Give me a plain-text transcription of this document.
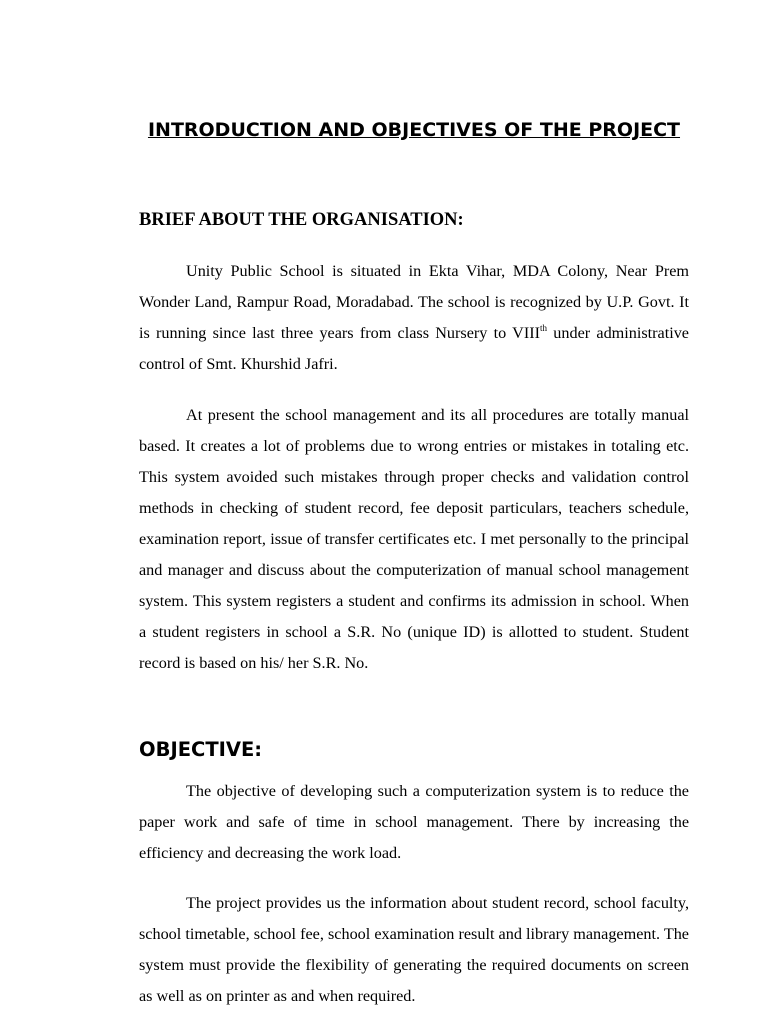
INTRODUCTION AND OBJECTIVES OF THE PROJECT
BRIEF ABOUT THE ORGANISATION:

Unity Public School is situated in Ekta Vihar, MDA Colony, Near Prem Wonder Land, Rampur Road, Moradabad. The school is recognized by U.P. Govt. It is running since last three years from class Nursery to VIIIth under administrative control of Smt. Khurshid Jafri.

At present the school management and its all procedures are totally manual based. It creates a lot of problems due to wrong entries or mistakes in totaling etc. This system avoided such mistakes through proper checks and validation control methods in checking of student record, fee deposit particulars, teachers schedule, examination report, issue of transfer certificates etc. I met personally to the principal and manager and discuss about the computerization of manual school management system. This system registers a student and confirms its admission in school. When a student registers in school a S.R. No (unique ID) is allotted to student. Student record is based on his/ her S.R. No.

OBJECTIVE:

The objective of developing such a computerization system is to reduce the paper work and safe of time in school management. There by increasing the efficiency and decreasing the work load.

The project provides us the information about student record, school faculty, school timetable, school fee, school examination result and library management. The system must provide the flexibility of generating the required documents on screen as well as on printer as and when required.
